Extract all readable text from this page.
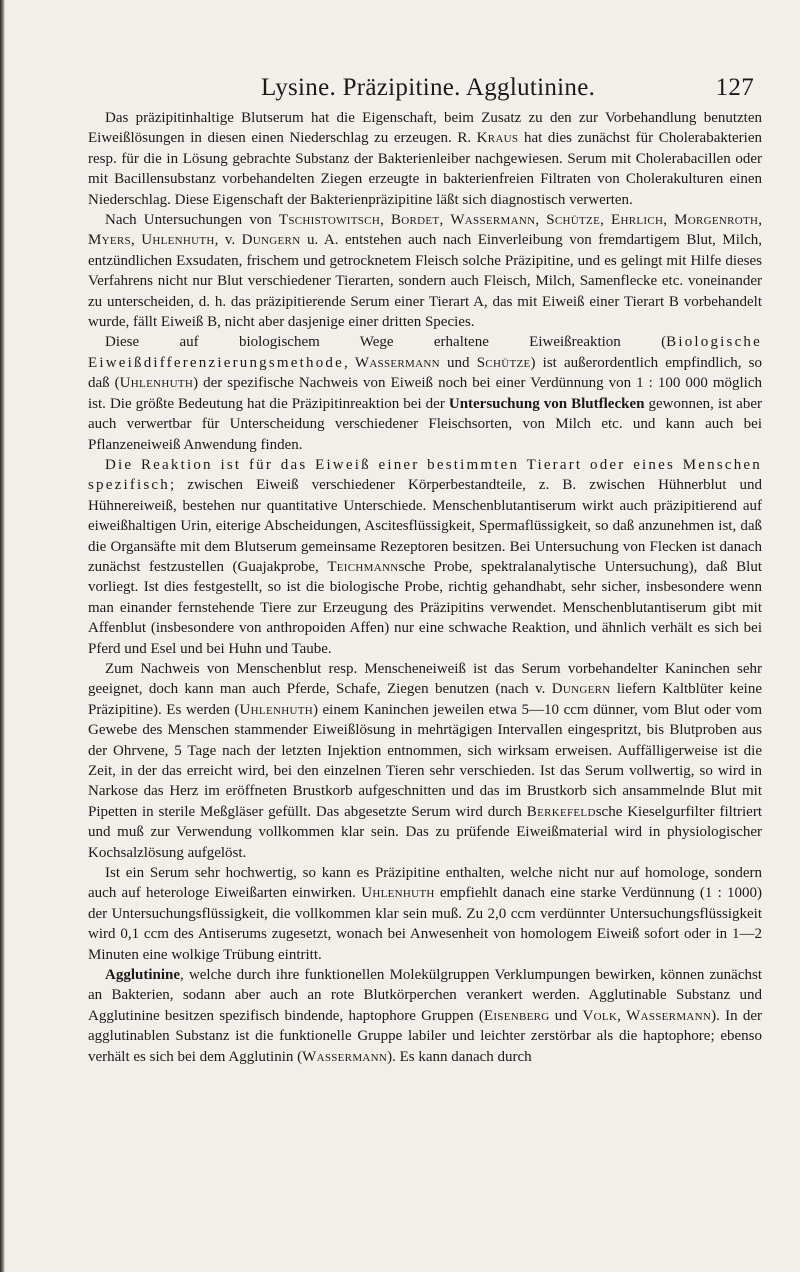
Lysine. Präzipitine. Agglutinine.	127

Das präzipitinhaltige Blutserum hat die Eigenschaft, beim Zusatz zu den zur Vorbehandlung benutzten Eiweißlösungen in diesen einen Niederschlag zu erzeugen. R. Kraus hat dies zunächst für Cholerabakterien resp. für die in Lösung gebrachte Substanz der Bakterienleiber nachgewiesen. Serum mit Cholerabacillen oder mit Bacillensubstanz vorbehandelten Ziegen erzeugte in bakterienfreien Filtraten von Cholerakulturen einen Niederschlag. Diese Eigenschaft der Bakterienpräzipitine läßt sich diagnostisch verwerten.

Nach Untersuchungen von Tschistowitsch, Bordet, Wassermann, Schütze, Ehrlich, Morgenroth, Myers, Uhlenhuth, v. Dungern u. A. entstehen auch nach Einverleibung von fremdartigem Blut, Milch, entzündlichen Exsudaten, frischem und getrocknetem Fleisch solche Präzipitine, und es gelingt mit Hilfe dieses Verfahrens nicht nur Blut verschiedener Tierarten, sondern auch Fleisch, Milch, Samenflecke etc. voneinander zu unterscheiden, d. h. das präzipitierende Serum einer Tierart A, das mit Eiweiß einer Tierart B vorbehandelt wurde, fällt Eiweiß B, nicht aber dasjenige einer dritten Species.

Diese auf biologischem Wege erhaltene Eiweißreaktion (Biologische Eiweißdifferenzierungsmethode, Wassermann und Schütze) ist außerordentlich empfindlich, so daß (Uhlenhuth) der spezifische Nachweis von Eiweiß noch bei einer Verdünnung von 1 : 100 000 möglich ist. Die größte Bedeutung hat die Präzipitinreaktion bei der Untersuchung von Blutflecken gewonnen, ist aber auch verwertbar für Unterscheidung verschiedener Fleischsorten, von Milch etc. und kann auch bei Pflanzeneiweiß Anwendung finden.

Die Reaktion ist für das Eiweiß einer bestimmten Tierart oder eines Menschen spezifisch; zwischen Eiweiß verschiedener Körperbestandteile, z. B. zwischen Hühnerblut und Hühnereiweiß, bestehen nur quantitative Unterschiede. Menschenblutantiserum wirkt auch präzipitierend auf eiweißhaltigen Urin, eiterige Abscheidungen, Ascitesflüssigkeit, Spermaflüssigkeit, so daß anzunehmen ist, daß die Organsäfte mit dem Blutserum gemeinsame Rezeptoren besitzen. Bei Untersuchung von Flecken ist danach zunächst festzustellen (Guajakprobe, Teichmannsche Probe, spektralanalytische Untersuchung), daß Blut vorliegt. Ist dies festgestellt, so ist die biologische Probe, richtig gehandhabt, sehr sicher, insbesondere wenn man einander fernstehende Tiere zur Erzeugung des Präzipitins verwendet. Menschenblutantiserum gibt mit Affenblut (insbesondere von anthropoiden Affen) nur eine schwache Reaktion, und ähnlich verhält es sich bei Pferd und Esel und bei Huhn und Taube.

Zum Nachweis von Menschenblut resp. Menscheneiweiß ist das Serum vorbehandelter Kaninchen sehr geeignet, doch kann man auch Pferde, Schafe, Ziegen benutzen (nach v. Dungern liefern Kaltblüter keine Präzipitine). Es werden (Uhlenhuth) einem Kaninchen jeweilen etwa 5—10 ccm dünner, vom Blut oder vom Gewebe des Menschen stammender Eiweißlösung in mehrtägigen Intervallen eingespritzt, bis Blutproben aus der Ohrvene, 5 Tage nach der letzten Injektion entnommen, sich wirksam erweisen. Auffälligerweise ist die Zeit, in der das erreicht wird, bei den einzelnen Tieren sehr verschieden. Ist das Serum vollwertig, so wird in Narkose das Herz im eröffneten Brustkorb aufgeschnitten und das im Brustkorb sich ansammelnde Blut mit Pipetten in sterile Meßgläser gefüllt. Das abgesetzte Serum wird durch Berkefeldsche Kieselgurfilter filtriert und muß zur Verwendung vollkommen klar sein. Das zu prüfende Eiweißmaterial wird in physiologischer Kochsalzlösung aufgelöst.

Ist ein Serum sehr hochwertig, so kann es Präzipitine enthalten, welche nicht nur auf homologe, sondern auch auf heterologe Eiweißarten einwirken. Uhlenhuth empfiehlt danach eine starke Verdünnung (1 : 1000) der Untersuchungsflüssigkeit, die vollkommen klar sein muß. Zu 2,0 ccm verdünnter Untersuchungsflüssigkeit wird 0,1 ccm des Antiserums zugesetzt, wonach bei Anwesenheit von homologem Eiweiß sofort oder in 1—2 Minuten eine wolkige Trübung eintritt.

Agglutinine, welche durch ihre funktionellen Molekülgruppen Verklumpungen bewirken, können zunächst an Bakterien, sodann aber auch an rote Blutkörperchen verankert werden. Agglutinable Substanz und Agglutinine besitzen spezifisch bindende, haptophore Gruppen (Eisenberg und Volk, Wassermann). In der agglutinablen Substanz ist die funktionelle Gruppe labiler und leichter zerstörbar als die haptophore; ebenso verhält es sich bei dem Agglutinin (Wassermann). Es kann danach durch
